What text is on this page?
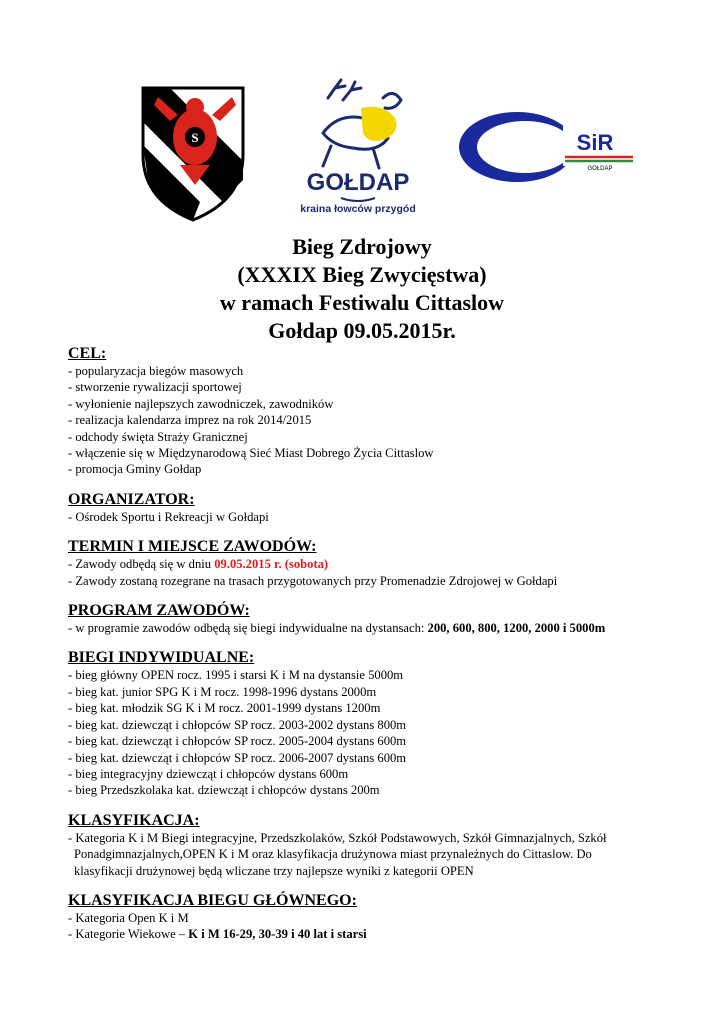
S
GOŁDAP
kraina łowców przygód
SiR
GOŁDAP
Bieg Zdrojowy
(XXXIX Bieg Zwycięstwa)
w ramach Festiwalu Cittaslow
Gołdap 09.05.2015r.

CEL:

- popularyzacja biegów masowych

- stworzenie rywalizacji sportowej

- wyłonienie najlepszych zawodniczek, zawodników

- realizacja kalendarza imprez na rok 2014/2015

- odchody święta Straży Granicznej

- włączenie się w Międzynarodową Sieć Miast Dobrego Życia Cittaslow

- promocja Gminy Gołdap

ORGANIZATOR:

- Ośrodek Sportu i Rekreacji w Gołdapi

TERMIN I MIEJSCE ZAWODÓW:

- Zawody odbędą się w dniu 09.05.2015 r. (sobota)

- Zawody zostaną rozegrane na trasach przygotowanych przy Promenadzie Zdrojowej w Gołdapi

PROGRAM ZAWODÓW:

- w programie zawodów odbędą się biegi indywidualne na dystansach: 200, 600, 800, 1200, 2000 i 5000m

BIEGI INDYWIDUALNE:

- bieg główny OPEN rocz. 1995 i starsi K i M na dystansie 5000m

- bieg kat. junior SPG K i M rocz. 1998-1996 dystans 2000m

- bieg kat. młodzik SG K i M rocz. 2001-1999 dystans 1200m

- bieg kat. dziewcząt i chłopców SP rocz. 2003-2002 dystans 800m

- bieg kat. dziewcząt i chłopców SP rocz. 2005-2004 dystans 600m

- bieg kat. dziewcząt i chłopców SP rocz. 2006-2007 dystans 600m

- bieg integracyjny dziewcząt i chłopców dystans 600m

- bieg Przedszkolaka kat. dziewcząt i chłopców dystans 200m

KLASYFIKACJA:

- Kategoria K i M Biegi integracyjne, Przedszkolaków, Szkół Podstawowych, Szkół Gimnazjalnych, Szkół

Ponadgimnazjalnych,OPEN K i M oraz klasyfikacja drużynowa miast przynależnych do Cittaslow. Do

klasyfikacji drużynowej będą wliczane trzy najlepsze wyniki z kategorii OPEN

KLASYFIKACJA BIEGU GŁÓWNEGO:

- Kategoria Open K i M

- Kategorie Wiekowe – K i M 16-29, 30-39 i 40 lat i starsi
